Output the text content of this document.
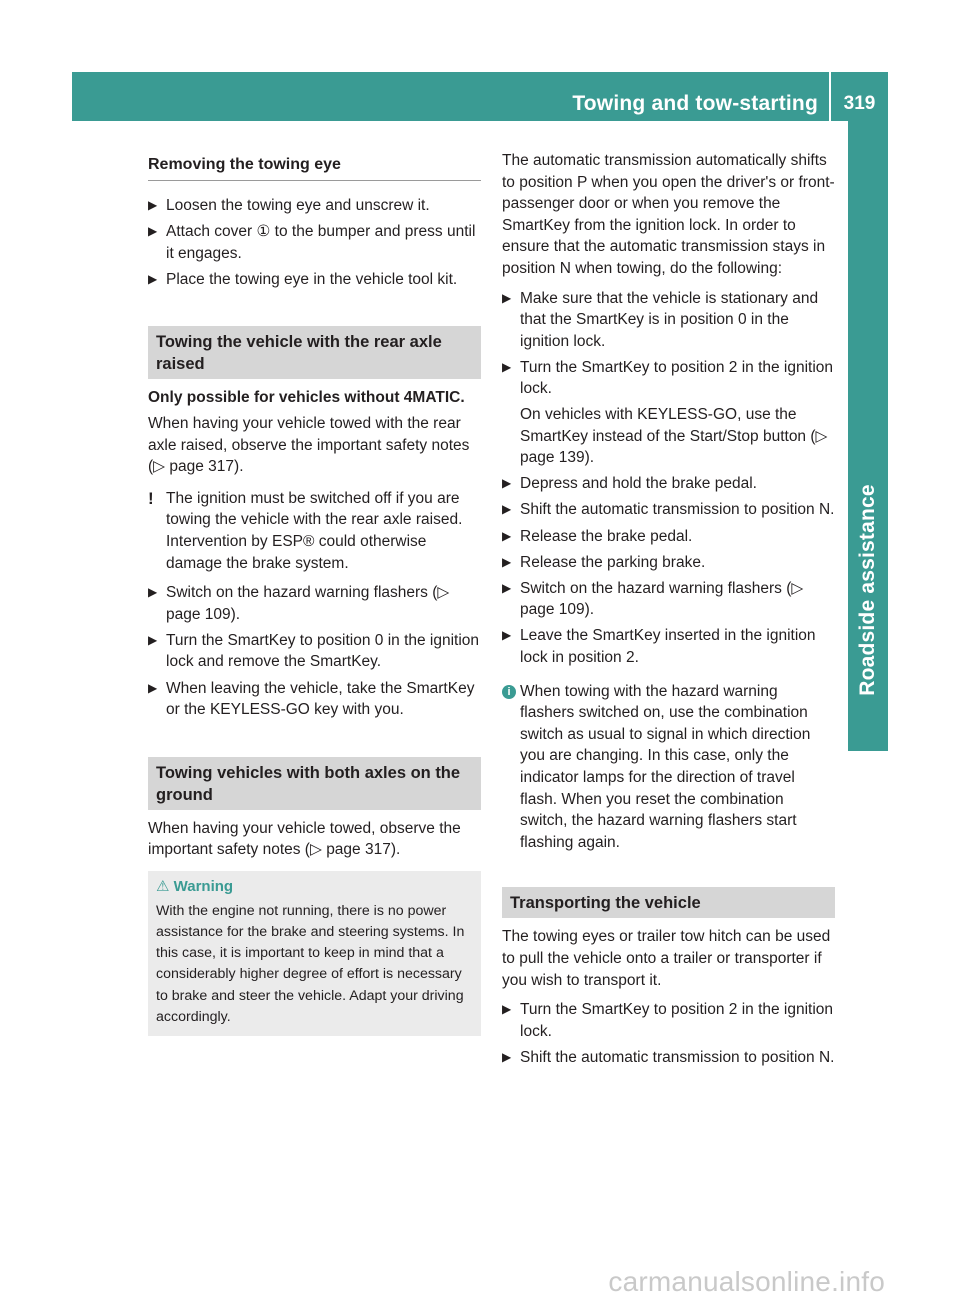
Towing and tow-starting	319
Roadside assistance
Removing the towing eye
▶ Loosen the towing eye and unscrew it.
▶ Attach cover ① to the bumper and press until it engages.
▶ Place the towing eye in the vehicle tool kit.
Towing the vehicle with the rear axle raised

Only possible for vehicles without 4MATIC.

When having your vehicle towed with the rear axle raised, observe the important safety notes (▷ page 317).

! The ignition must be switched off if you are towing the vehicle with the rear axle raised. Intervention by ESP® could otherwise damage the brake system.
▶ Switch on the hazard warning flashers (▷ page 109).
▶ Turn the SmartKey to position 0 in the ignition lock and remove the SmartKey.
▶ When leaving the vehicle, take the SmartKey or the KEYLESS-GO key with you.
Towing vehicles with both axles on the ground

When having your vehicle towed, observe the important safety notes (▷ page 317).

⚠ Warning

With the engine not running, there is no power assistance for the brake and steering systems. In this case, it is important to keep in mind that a considerably higher degree of effort is necessary to brake and steer the vehicle. Adapt your driving accordingly.

The automatic transmission automatically shifts to position P when you open the driver's or front-passenger door or when you remove the SmartKey from the ignition lock. In order to ensure that the automatic transmission stays in position N when towing, do the following:

▶ Make sure that the vehicle is stationary and that the SmartKey is in position 0 in the ignition lock.
▶ Turn the SmartKey to position 2 in the ignition lock.

On vehicles with KEYLESS-GO, use the SmartKey instead of the Start/Stop button (▷ page 139).

▶ Depress and hold the brake pedal.
▶ Shift the automatic transmission to position N.
▶ Release the brake pedal.
▶ Release the parking brake.
▶ Switch on the hazard warning flashers (▷ page 109).
▶ Leave the SmartKey inserted in the ignition lock in position 2.
i When towing with the hazard warning flashers switched on, use the combination switch as usual to signal in which direction you are changing. In this case, only the indicator lamps for the direction of travel flash. When you reset the combination switch, the hazard warning flashers start flashing again.
Transporting the vehicle

The towing eyes or trailer tow hitch can be used to pull the vehicle onto a trailer or transporter if you wish to transport it.

▶ Turn the SmartKey to position 2 in the ignition lock.
▶ Shift the automatic transmission to position N.
carmanualsonline.info
